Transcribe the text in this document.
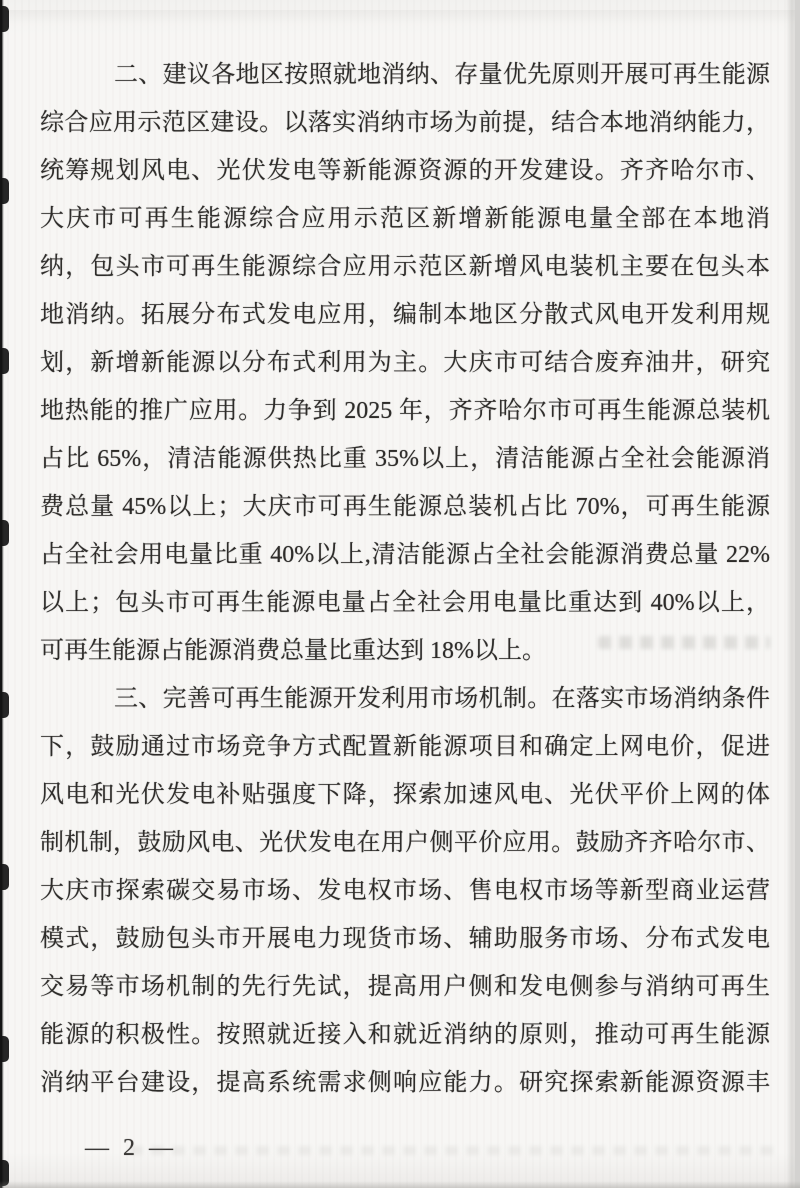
二、建议各地区按照就地消纳、存量优先原则开展可再生能源
综合应用示范区建设。以落实消纳市场为前提，结合本地消纳能力，
统筹规划风电、光伏发电等新能源资源的开发建设。齐齐哈尔市、
大庆市可再生能源综合应用示范区新增新能源电量全部在本地消
纳，包头市可再生能源综合应用示范区新增风电装机主要在包头本
地消纳。拓展分布式发电应用，编制本地区分散式风电开发利用规
划，新增新能源以分布式利用为主。大庆市可结合废弃油井，研究
地热能的推广应用。力争到 2025 年，齐齐哈尔市可再生能源总装机
占比 65%，清洁能源供热比重 35%以上，清洁能源占全社会能源消
费总量 45%以上；大庆市可再生能源总装机占比 70%，可再生能源
占全社会用电量比重 40%以上,清洁能源占全社会能源消费总量 22%
以上；包头市可再生能源电量占全社会用电量比重达到 40%以上，
可再生能源占能源消费总量比重达到 18%以上。
三、完善可再生能源开发利用市场机制。在落实市场消纳条件
下，鼓励通过市场竞争方式配置新能源项目和确定上网电价，促进
风电和光伏发电补贴强度下降，探索加速风电、光伏平价上网的体
制机制，鼓励风电、光伏发电在用户侧平价应用。鼓励齐齐哈尔市、
大庆市探索碳交易市场、发电权市场、售电权市场等新型商业运营
模式，鼓励包头市开展电力现货市场、辅助服务市场、分布式发电
交易等市场机制的先行先试，提高用户侧和发电侧参与消纳可再生
能源的积极性。按照就近接入和就近消纳的原则，推动可再生能源
消纳平台建设，提高系统需求侧响应能力。研究探索新能源资源丰
— 2 —
